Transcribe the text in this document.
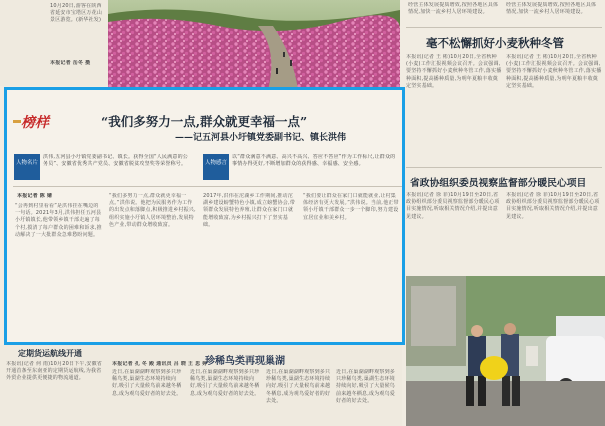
10月20日,游客在陕西省延安市宝塔区万花山景区游览。(新华社发)
本报记者 岳冬 摄
经营主体发展提质增效,按照各地区具体情况,加快一流乡村人居环境建设。
经营主体发展提质增效,按照各地区具体情况,加快一流乡村人居环境建设。
毫不松懈抓好小麦秋种冬管
本报讯(记者 王 彬)10月20日,全省秋种(小麦)工作汇报视频会议召开。会议强调,要坚持不懈抓好小麦秋种冬管工作,落实播种面积,提高播种质量,为明年夏粮丰收奠定坚实基础。
本报讯(记者 王 彬)10月20日,全省秋种(小麦)工作汇报视频会议召开。会议强调,要坚持不懈抓好小麦秋种冬管工作,落实播种面积,提高播种质量,为明年夏粮丰收奠定坚实基础。
省政协组织委员视察监督部分暖民心项目
本报讯(记者 徐 菲)10月19日至20日,省政协组织部分委员视察监督部分暖民心项目实施情况,听取相关情况介绍,并提出意见建议。
本报讯(记者 徐 菲)10月19日至20日,省政协组织部分委员视察监督部分暖民心项目实施情况,听取相关情况介绍,并提出意见建议。
榜样	“我们多努力一点,群众就更幸福一点”
——记五河县小圩镇党委副书记、镇长洪伟
人物名片
洪伟,五河县小圩镇党委副书记、镇长。获得全国“人民满意的公务员”、安徽省优秀共产党员、安徽省脱贫攻坚奖等荣誉称号。	人物感言
以“群众满意不满意、高兴不高兴、答应不答应”作为工作标尺,让群众的事情办得更好,不断增加群众的获得感、幸福感、安全感。
本报记者 陈 婧
“会再到村里看看”是洪伟挂在嘴边的一句话。2021年3月,洪伟担任五河县小圩镇镇长,他带领乡镇干部走遍了每个村,摸清了每户群众的困难和诉求,推动解决了一大批群众急难愁盼问题。
“我们多努力一点,群众就更幸福一点。”洪伟说。他把为民服务作为工作的出发点和落脚点,积极推进乡村振兴,组织实施小圩镇人居环境整治,发展特色产业,带动群众增收致富。
2017年,洪伟在沱湖乡工作期间,推动沱湖乡建设螃蟹特色小镇,成立螃蟹协会,带领群众发展特色养殖,让群众在家门口就能增收致富,为乡村振兴打下了坚实基础。
“我们要让群众在家门口就能就业,让村集体经济有更大发展。”洪伟说。当前,他正带领小圩镇干部群众一步一个脚印,努力建设宜居宜业和美乡村。
定期货运航线开通
本报讯(记者 何 雨)10月20日下午,安徽省开通首条至东南亚的定期货运航线,为我省外贸企业提供更便捷的物流通道。
本报记者 孔 冬 殿 通讯员 吕 晓 王 思 婷
近日,在巢湖湖畔观察到多只珍稀鸟类,巢湖生态环境持续向好,吸引了大量候鸟前来越冬栖息,成为观鸟爱好者的好去处。
珍稀鸟类再现巢湖
近日,在巢湖湖畔观察到多只珍稀鸟类,巢湖生态环境持续向好,吸引了大量候鸟前来越冬栖息,成为观鸟爱好者的好去处。
近日,在巢湖湖畔观察到多只珍稀鸟类,巢湖生态环境持续向好,吸引了大量候鸟前来越冬栖息,成为观鸟爱好者的好去处。
近日,在巢湖湖畔观察到多只珍稀鸟类,巢湖生态环境持续向好,吸引了大量候鸟前来越冬栖息,成为观鸟爱好者的好去处。
